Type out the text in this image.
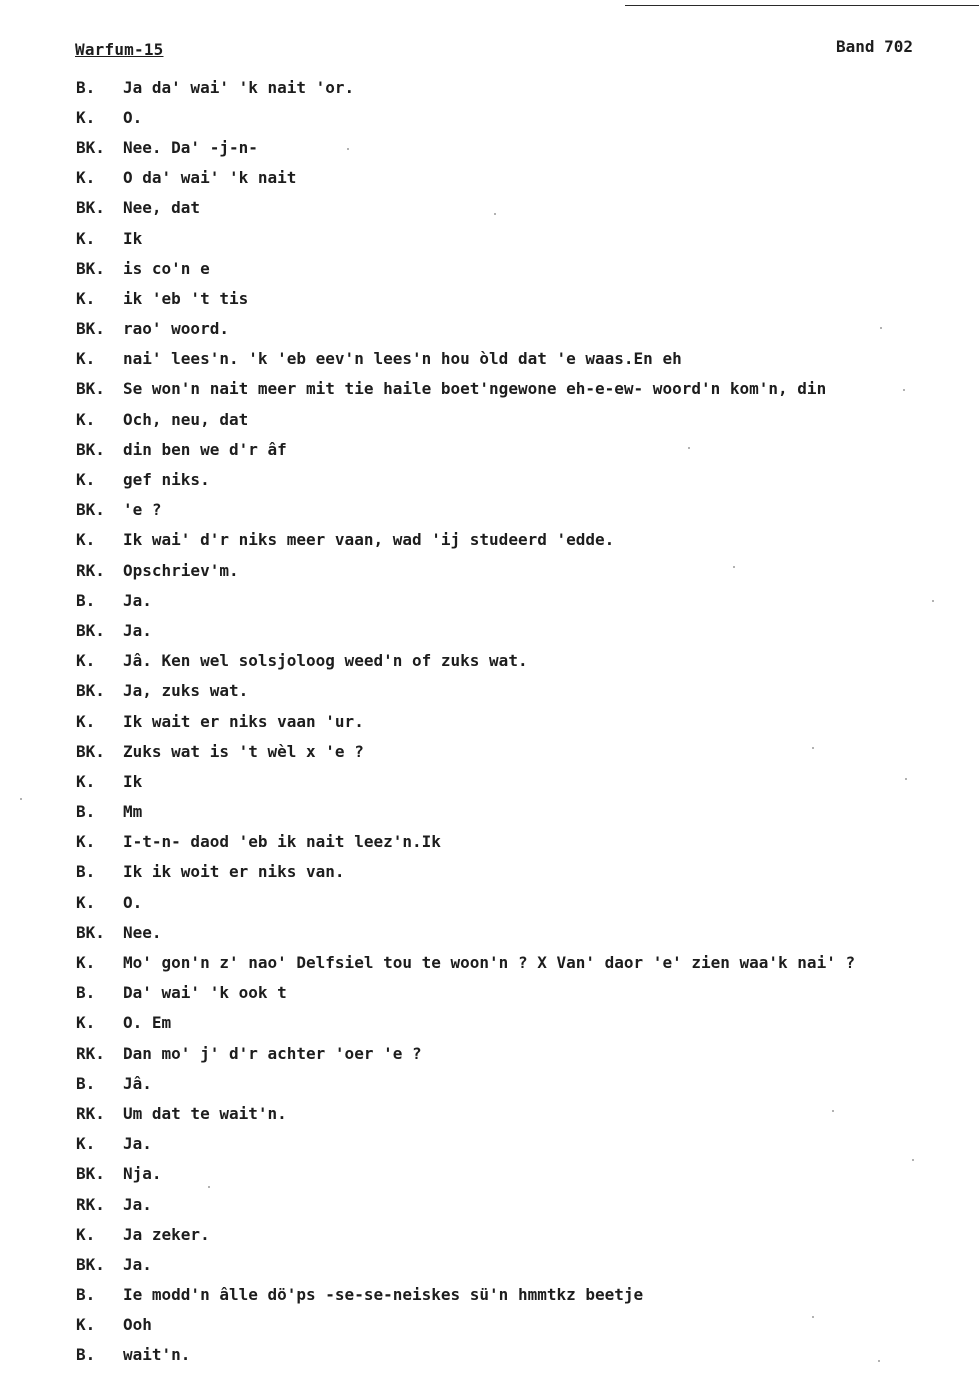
Warfum-15	Band 702
B.	Ja da' wai' 'k nait 'or.
K.	O.
BK.	Nee. Da' -j-n-
K.	O da' wai' 'k nait
BK.	Nee, dat
K.	Ik
BK.	is co'n e
K.	ik 'eb 't tis
BK.	rao' woord.
K.	nai' lees'n. 'k 'eb eev'n lees'n hou òld dat 'e waas.En eh
BK.	Se won'n nait meer mit tie haile boet'ngewone eh-e-ew- woord'n kom'n, din
K.	Och, neu, dat
BK.	din ben we d'r âf
K.	gef niks.
BK.	'e ?
K.	Ik wai' d'r niks meer vaan, wad 'ij studeerd 'edde.
RK.	Opschriev'm.
B.	Ja.
BK.	Ja.
K.	Jâ. Ken wel solsjoloog weed'n of zuks wat.
BK.	Ja, zuks wat.
K.	Ik wait er niks vaan 'ur.
BK.	Zuks wat is 't wèl x 'e ?
K.	Ik
B.	Mm
K.	I-t-n- daod 'eb ik nait leez'n.Ik
B.	Ik ik woit er niks van.
K.	O.
BK.	Nee.
K.	Mo' gon'n z' nao' Delfsiel tou te woon'n ? X Van' daor 'e' zien waa'k nai' ?
B.	Da' wai' 'k ook t
K.	O. Em
RK.	Dan mo' j' d'r achter 'oer 'e ?
B.	Jâ.
RK.	Um dat te wait'n.
K.	Ja.
BK.	Nja.
RK.	Ja.
K.	Ja zeker.
BK.	Ja.
B.	Ie modd'n âlle dö'ps -se-se-neiskes sü'n hmmtkz beetje
K.	Ooh
B.	wait'n.
